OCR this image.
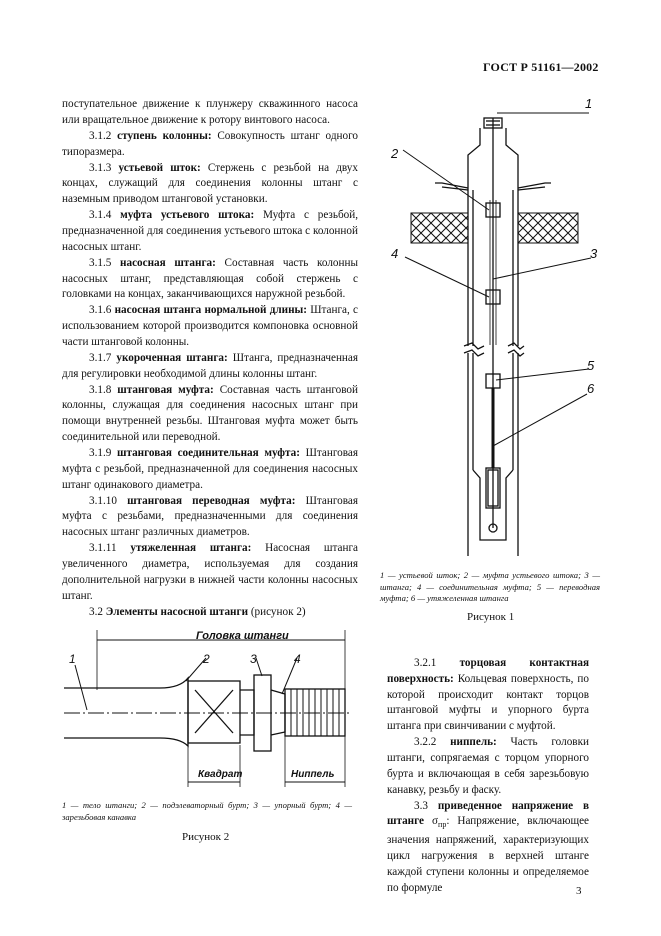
ГОСТ Р 51161—2002

поступательное движение к плунжеру скважинного насоса или вращательное движение к ротору винтового насоса.

3.1.2 ступень колонны: Совокупность штанг одного типоразмера.

3.1.3 устьевой шток: Стержень с резьбой на двух концах, служащий для соединения колонны штанг с наземным приводом штанговой установки.

3.1.4 муфта устьевого штока: Муфта с резьбой, предназначенной для соединения устьевого штока с колонной насосных штанг.

3.1.5 насосная штанга: Составная часть колонны насосных штанг, представляющая собой стержень с головками на концах, заканчивающихся наружной резьбой.

3.1.6 насосная штанга нормальной длины: Штанга, с использованием которой производится компоновка основной части штанговой колонны.

3.1.7 укороченная штанга: Штанга, предназначенная для регулировки необходимой длины колонны штанг.

3.1.8 штанговая муфта: Составная часть штанговой колонны, служащая для соединения насосных штанг при помощи внутренней резьбы. Штанговая муфта может быть соединительной или переводной.

3.1.9 штанговая соединительная муфта: Штанговая муфта с резьбой, предназначенной для соединения насосных штанг одинакового диаметра.

3.1.10 штанговая переводная муфта: Штанговая муфта с резьбами, предназначенными для соединения насосных штанг различных диаметров.

3.1.11 утяжеленная штанга: Насосная штанга увеличенного диаметра, используемая для создания дополнительной нагрузки в нижней части колонны насосных штанг.

3.2 Элементы насосной штанги (рисунок 2)

1
2
3
4
5
6
1 — устьевой шток; 2 — муфта устьевого штока; 3 — штанга; 4 — соединительная муфта; 5 — переводная муфта; 6 — утяжеленная штанга
Рисунок 1
Головка штанги
1	2	3	4
Квадрат	Ниппель
1 — тело штанги; 2 — подэлеваторный бурт; 3 — упорный бурт; 4 — зарезьбовая канавка
Рисунок 2

3.2.1 торцовая контактная поверхность: Кольцевая поверхность, по которой происходит контакт торцов штанговой муфты и упорного бурта штанга при свинчивании с муфтой.

3.2.2 ниппель: Часть головки штанги, сопрягаемая с торцом упорного бурта и включающая в себя зарезьбовую канавку, резьбу и фаску.

3.3 приведенное напряжение в штанге $\sigma_{пр}$: Напряжение, включающее значения напряжений, характеризующих цикл нагружения в верхней штанге каждой ступени колонны и определяемое по формуле	3
